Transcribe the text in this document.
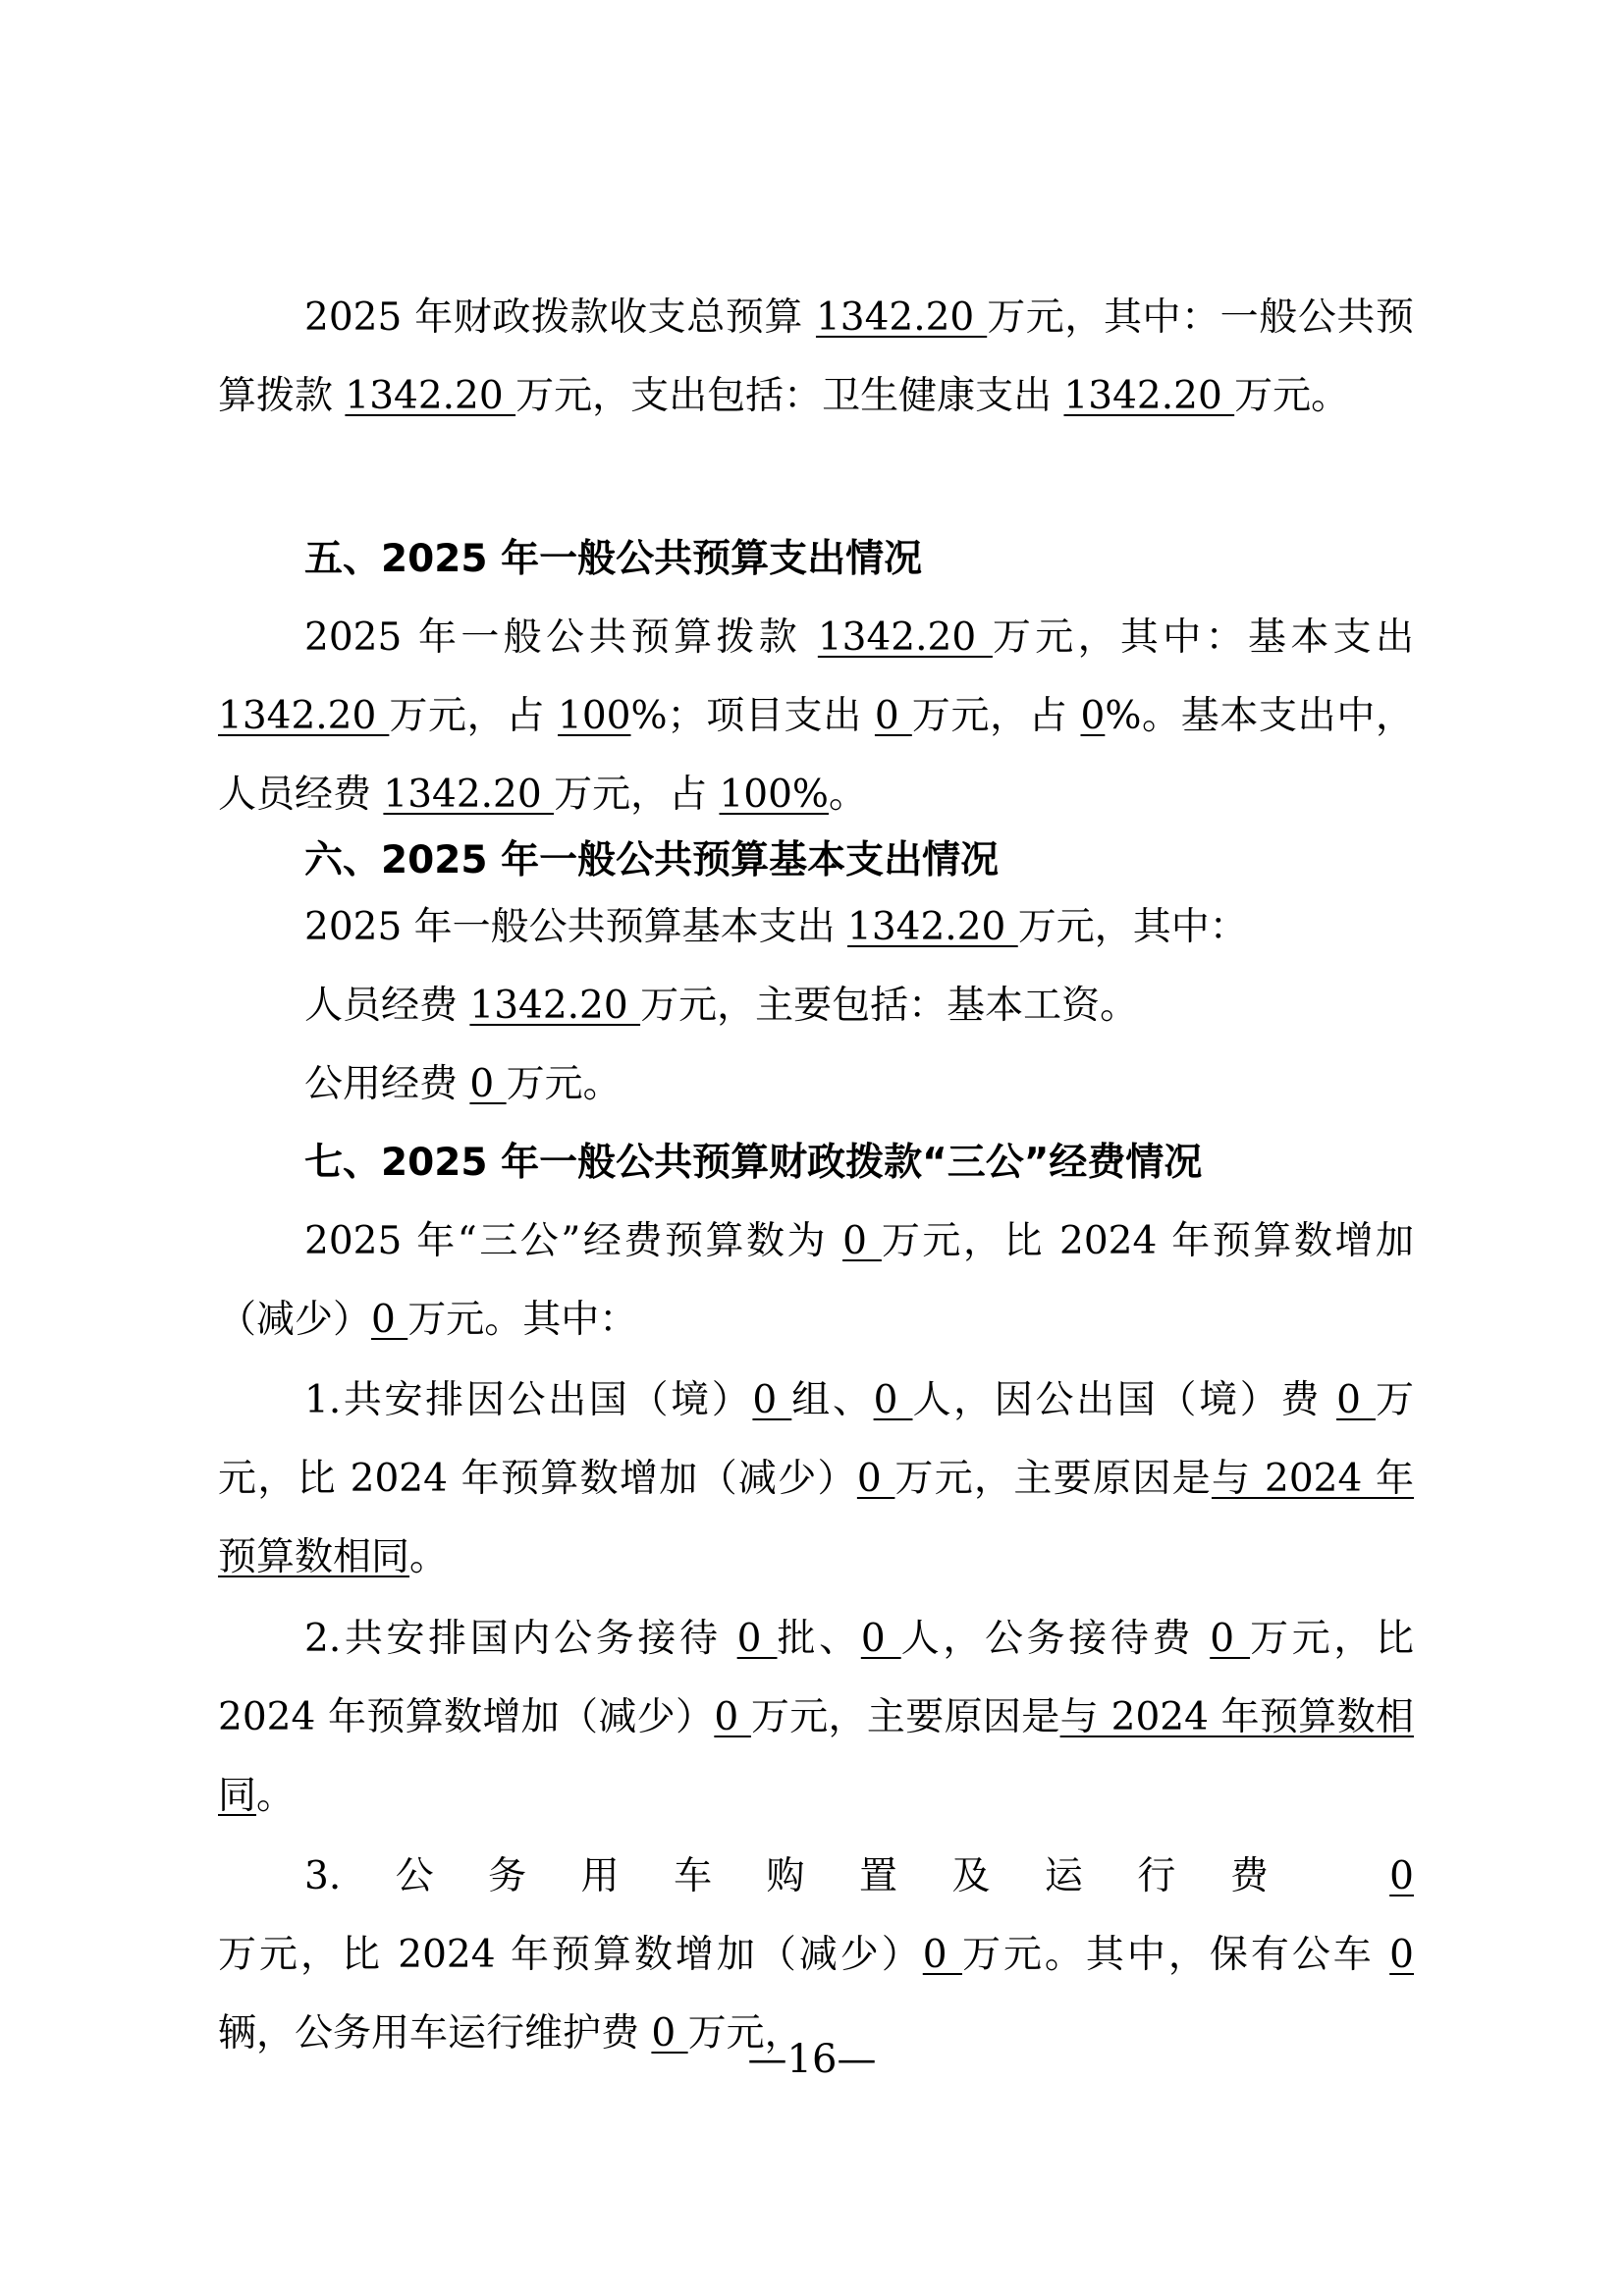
2025 年财政拨款收支总预算 1342.20 万元，其中：一般公共预算拨款 1342.20 万元，支出包括：卫生健康支出 1342.20 万元。

五、2025 年一般公共预算支出情况

2025 年一般公共预算拨款 1342.20 万元，其中：基本支出 1342.20 万元，占 100%；项目支出 0 万元，占 0%。基本支出中，人员经费 1342.20 万元，占 100%。

六、2025 年一般公共预算基本支出情况

2025 年一般公共预算基本支出 1342.20 万元，其中：

人员经费 1342.20 万元，主要包括：基本工资。

公用经费 0 万元。

七、2025 年一般公共预算财政拨款“三公”经费情况

2025 年“三公”经费预算数为 0 万元，比 2024 年预算数增加（减少）0 万元。其中：

1.共安排因公出国（境）0 组、0 人，因公出国（境）费 0 万元，比 2024 年预算数增加（减少）0 万元，主要原因是与 2024 年预算数相同。

2.共安排国内公务接待 0 批、0 人，公务接待费 0 万元，比 2024 年预算数增加（减少）0 万元，主要原因是与 2024 年预算数相同。

3.公务用车购置及运行费 0 万元，比 2024 年预算数增加（减少）0 万元。其中，保有公车 0 辆，公务用车运行维护费 0 万元，

—16—
